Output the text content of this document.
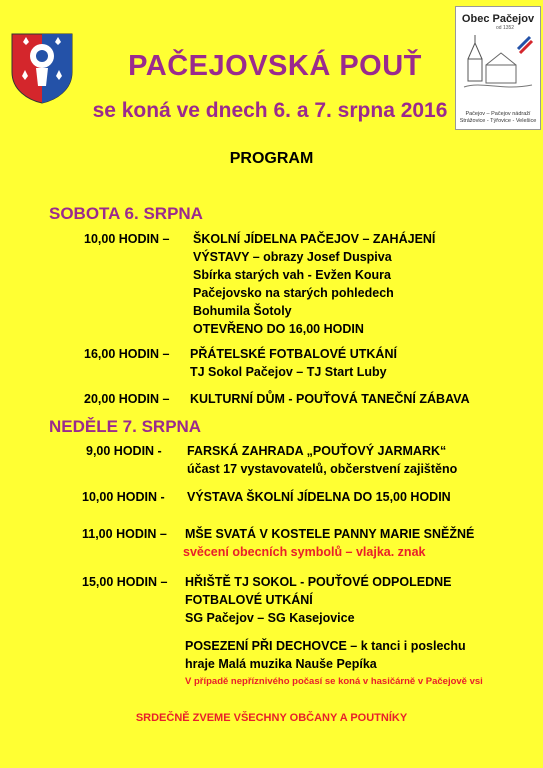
Obec Pačejov
od 1352
Pačejov – Pačejov nádraží
Strážovice - Týřovice - Velešice
PAČEJOVSKÁ POUŤ
se koná ve dnech 6. a 7. srpna 2016
PROGRAM
SOBOTA 6. SRPNA
10,00 HODIN – ŠKOLNÍ JÍDELNA PAČEJOV – ZAHÁJENÍ
VÝSTAVY – obrazy Josef Duspiva
Sbírka starých vah - Evžen Koura
Pačejovsko na starých pohledech
Bohumila Šotoly
OTEVŘENO DO 16,00 HODIN
16,00 HODIN – PŘÁTELSKÉ FOTBALOVÉ UTKÁNÍ
TJ Sokol Pačejov – TJ Start Luby
20,00 HODIN – KULTURNÍ DŮM - POUŤOVÁ TANEČNÍ ZÁBAVA
NEDĚLE 7. SRPNA
9,00 HODIN - FARSKÁ ZAHRADA „POUŤOVÝ JARMARK“
účast 17 vystavovatelů, občerstvení zajištěno
10,00 HODIN - VÝSTAVA ŠKOLNÍ JÍDELNA DO 15,00 HODIN
11,00 HODIN – MŠE SVATÁ V KOSTELE PANNY MARIE SNĚŽNÉ
svěcení obecních symbolů – vlajka. znak
15,00 HODIN – HŘIŠTĚ TJ SOKOL - POUŤOVÉ ODPOLEDNE
FOTBALOVÉ UTKÁNÍ
SG Pačejov – SG Kasejovice
POSEZENÍ PŘI DECHOVCE – k tanci i poslechu
hraje Malá muzika Nauše Pepíka
V případě nepříznivého počasí se koná v hasičárně v Pačejově vsi
SRDEČNĚ ZVEME VŠECHNY OBČANY A POUTNÍKY
